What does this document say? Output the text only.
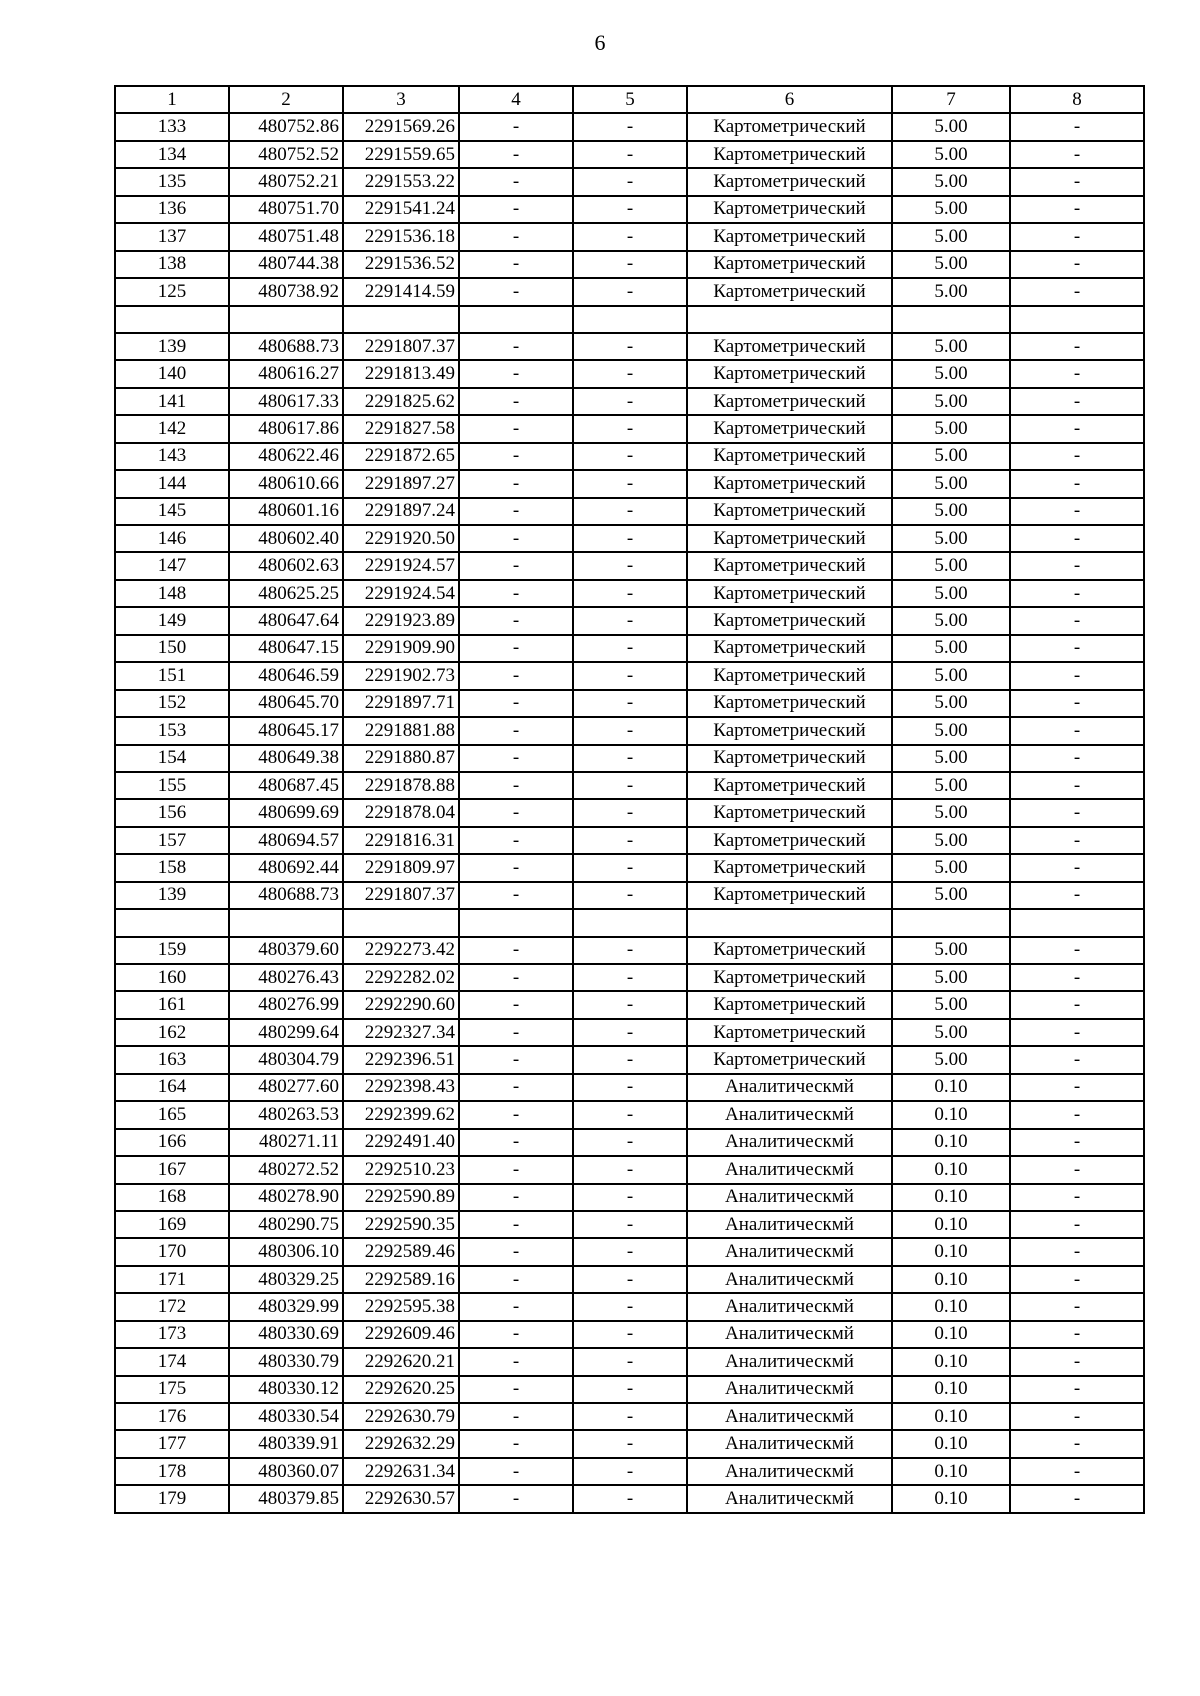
6
1	2	3	4	5	6	7	8
133	480752.86	2291569.26	-	-	Картометрический	5.00	-
134	480752.52	2291559.65	-	-	Картометрический	5.00	-
135	480752.21	2291553.22	-	-	Картометрический	5.00	-
136	480751.70	2291541.24	-	-	Картометрический	5.00	-
137	480751.48	2291536.18	-	-	Картометрический	5.00	-
138	480744.38	2291536.52	-	-	Картометрический	5.00	-
125	480738.92	2291414.59	-	-	Картометрический	5.00	-

139	480688.73	2291807.37	-	-	Картометрический	5.00	-
140	480616.27	2291813.49	-	-	Картометрический	5.00	-
141	480617.33	2291825.62	-	-	Картометрический	5.00	-
142	480617.86	2291827.58	-	-	Картометрический	5.00	-
143	480622.46	2291872.65	-	-	Картометрический	5.00	-
144	480610.66	2291897.27	-	-	Картометрический	5.00	-
145	480601.16	2291897.24	-	-	Картометрический	5.00	-
146	480602.40	2291920.50	-	-	Картометрический	5.00	-
147	480602.63	2291924.57	-	-	Картометрический	5.00	-
148	480625.25	2291924.54	-	-	Картометрический	5.00	-
149	480647.64	2291923.89	-	-	Картометрический	5.00	-
150	480647.15	2291909.90	-	-	Картометрический	5.00	-
151	480646.59	2291902.73	-	-	Картометрический	5.00	-
152	480645.70	2291897.71	-	-	Картометрический	5.00	-
153	480645.17	2291881.88	-	-	Картометрический	5.00	-
154	480649.38	2291880.87	-	-	Картометрический	5.00	-
155	480687.45	2291878.88	-	-	Картометрический	5.00	-
156	480699.69	2291878.04	-	-	Картометрический	5.00	-
157	480694.57	2291816.31	-	-	Картометрический	5.00	-
158	480692.44	2291809.97	-	-	Картометрический	5.00	-
139	480688.73	2291807.37	-	-	Картометрический	5.00	-

159	480379.60	2292273.42	-	-	Картометрический	5.00	-
160	480276.43	2292282.02	-	-	Картометрический	5.00	-
161	480276.99	2292290.60	-	-	Картометрический	5.00	-
162	480299.64	2292327.34	-	-	Картометрический	5.00	-
163	480304.79	2292396.51	-	-	Картометрический	5.00	-
164	480277.60	2292398.43	-	-	Аналитическмй	0.10	-
165	480263.53	2292399.62	-	-	Аналитическмй	0.10	-
166	480271.11	2292491.40	-	-	Аналитическмй	0.10	-
167	480272.52	2292510.23	-	-	Аналитическмй	0.10	-
168	480278.90	2292590.89	-	-	Аналитическмй	0.10	-
169	480290.75	2292590.35	-	-	Аналитическмй	0.10	-
170	480306.10	2292589.46	-	-	Аналитическмй	0.10	-
171	480329.25	2292589.16	-	-	Аналитическмй	0.10	-
172	480329.99	2292595.38	-	-	Аналитическмй	0.10	-
173	480330.69	2292609.46	-	-	Аналитическмй	0.10	-
174	480330.79	2292620.21	-	-	Аналитическмй	0.10	-
175	480330.12	2292620.25	-	-	Аналитическмй	0.10	-
176	480330.54	2292630.79	-	-	Аналитическмй	0.10	-
177	480339.91	2292632.29	-	-	Аналитическмй	0.10	-
178	480360.07	2292631.34	-	-	Аналитическмй	0.10	-
179	480379.85	2292630.57	-	-	Аналитическмй	0.10	-
